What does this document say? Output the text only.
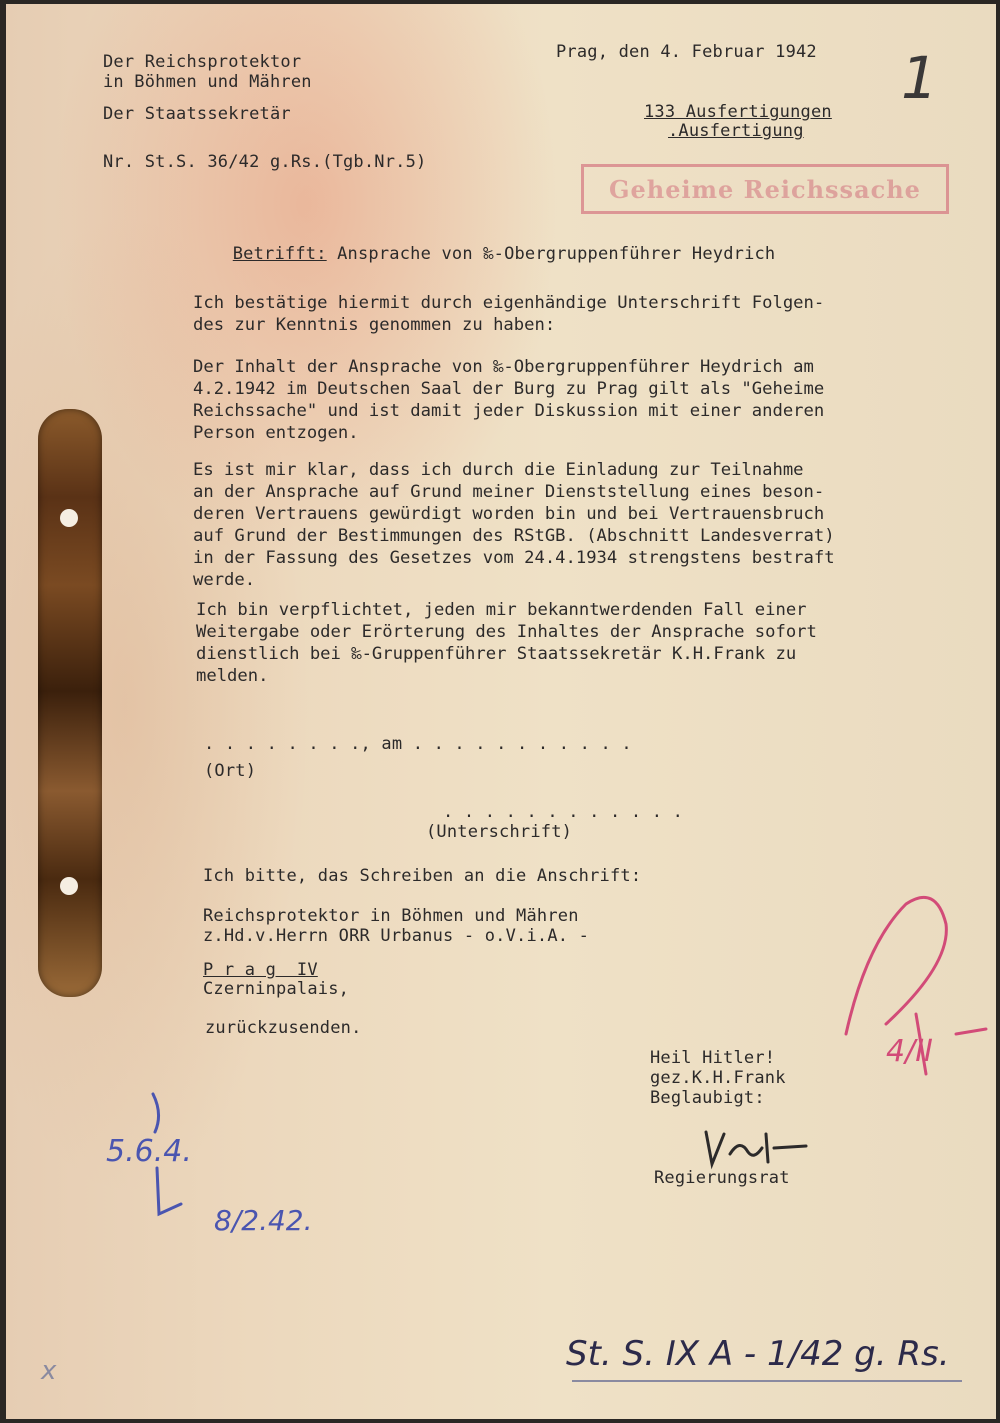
Der Reichsprotektor
in Böhmen und Mähren
Der Staatssekretär
Nr. St.S. 36/42 g.Rs.(Tgb.Nr.5)
Prag, den 4. Februar 1942
133 Ausfertigungen
.Ausfertigung
1
Geheime Reichssache

Betrifft: Ansprache von ‰-Obergruppenführer Heydrich

Ich bestätige hiermit durch eigenhändige Unterschrift Folgen-
des zur Kenntnis genommen zu haben:
Der Inhalt der Ansprache von ‰-Obergruppenführer Heydrich am
4.2.1942 im Deutschen Saal der Burg zu Prag gilt als "Geheime
Reichssache" und ist damit jeder Diskussion mit einer anderen
Person entzogen.
Es ist mir klar, dass ich durch die Einladung zur Teilnahme
an der Ansprache auf Grund meiner Dienststellung eines beson-
deren Vertrauens gewürdigt worden bin und bei Vertrauensbruch
auf Grund der Bestimmungen des RStGB. (Abschnitt Landesverrat)
in der Fassung des Gesetzes vom 24.4.1934 strengstens bestraft
werde.
Ich bin verpflichtet, jeden mir bekanntwerdenden Fall einer
Weitergabe oder Erörterung des Inhaltes der Ansprache sofort
dienstlich bei ‰-Gruppenführer Staatssekretär K.H.Frank zu
melden.
. . . . . . . ., am . . . . . . . . . . .
(Ort)
. . . . . . . . . . . .
(Unterschrift)
Ich bitte, das Schreiben an die Anschrift:
Reichsprotektor in Böhmen und Mähren
z.Hd.v.Herrn ORR Urbanus - o.V.i.A. -
P r a g  IV
Czerninpalais,
zurückzusenden.
Heil Hitler!
gez.K.H.Frank
Beglaubigt:
Regierungsrat
4/II
5.6.4.
8/2.42.
St. S. IX A - 1/42 g. Rs.
x
